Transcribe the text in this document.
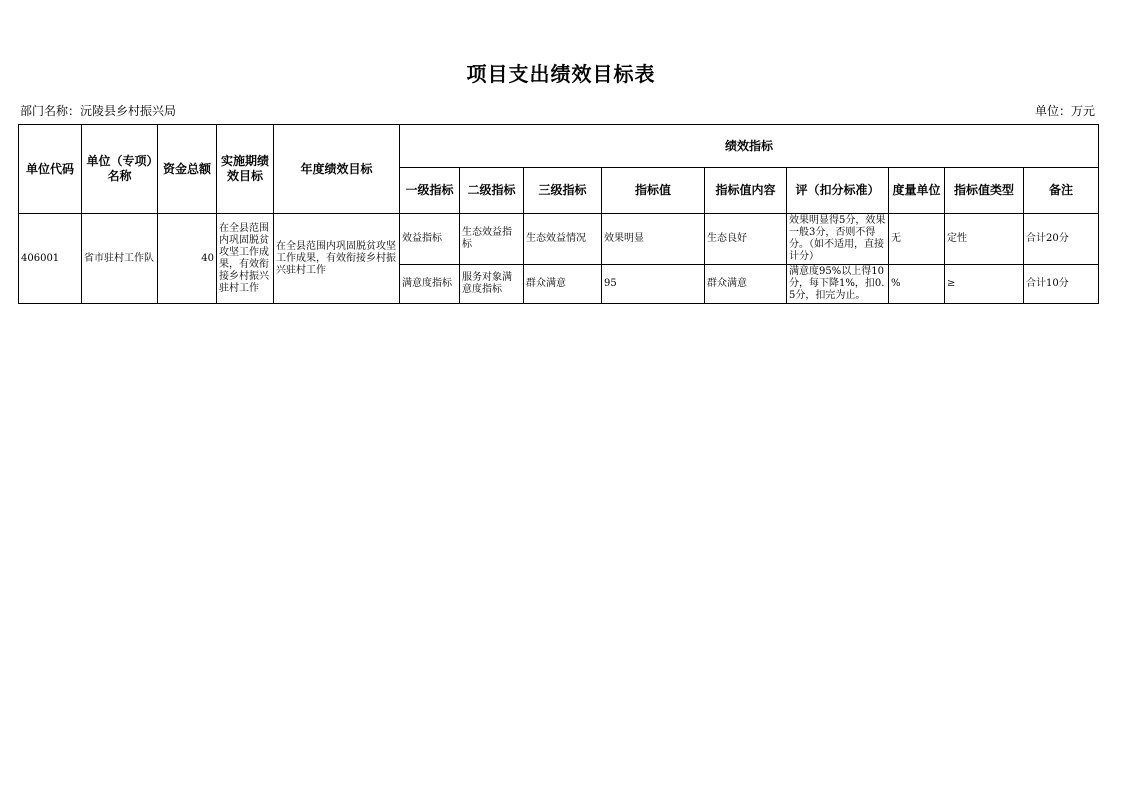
项目支出绩效目标表
部门名称：沅陵县乡村振兴局	单位：万元
单位代码	单位（专项）名称	资金总额	实施期绩效目标	年度绩效目标	绩效指标								
					一级指标	二级指标	三级指标	指标值	指标值内容	评（扣分标准）	度量单位	指标值类型	备注
406001	省市驻村工作队	40	在全县范围内巩固脱贫攻坚工作成果，有效衔接乡村振兴驻村工作	在全县范围内巩固脱贫攻坚工作成果，有效衔接乡村振兴驻村工作	效益指标	生态效益指标	生态效益情况	效果明显	生态良好	效果明显得5分，效果一般3分，否则不得分。（如不适用，直接计分）	无	定性	合计20分
					满意度指标	服务对象满意度指标	群众满意	95	群众满意	满意度95%以上得10分，每下降1%，扣0.5分，扣完为止。	%	≥	合计10分
